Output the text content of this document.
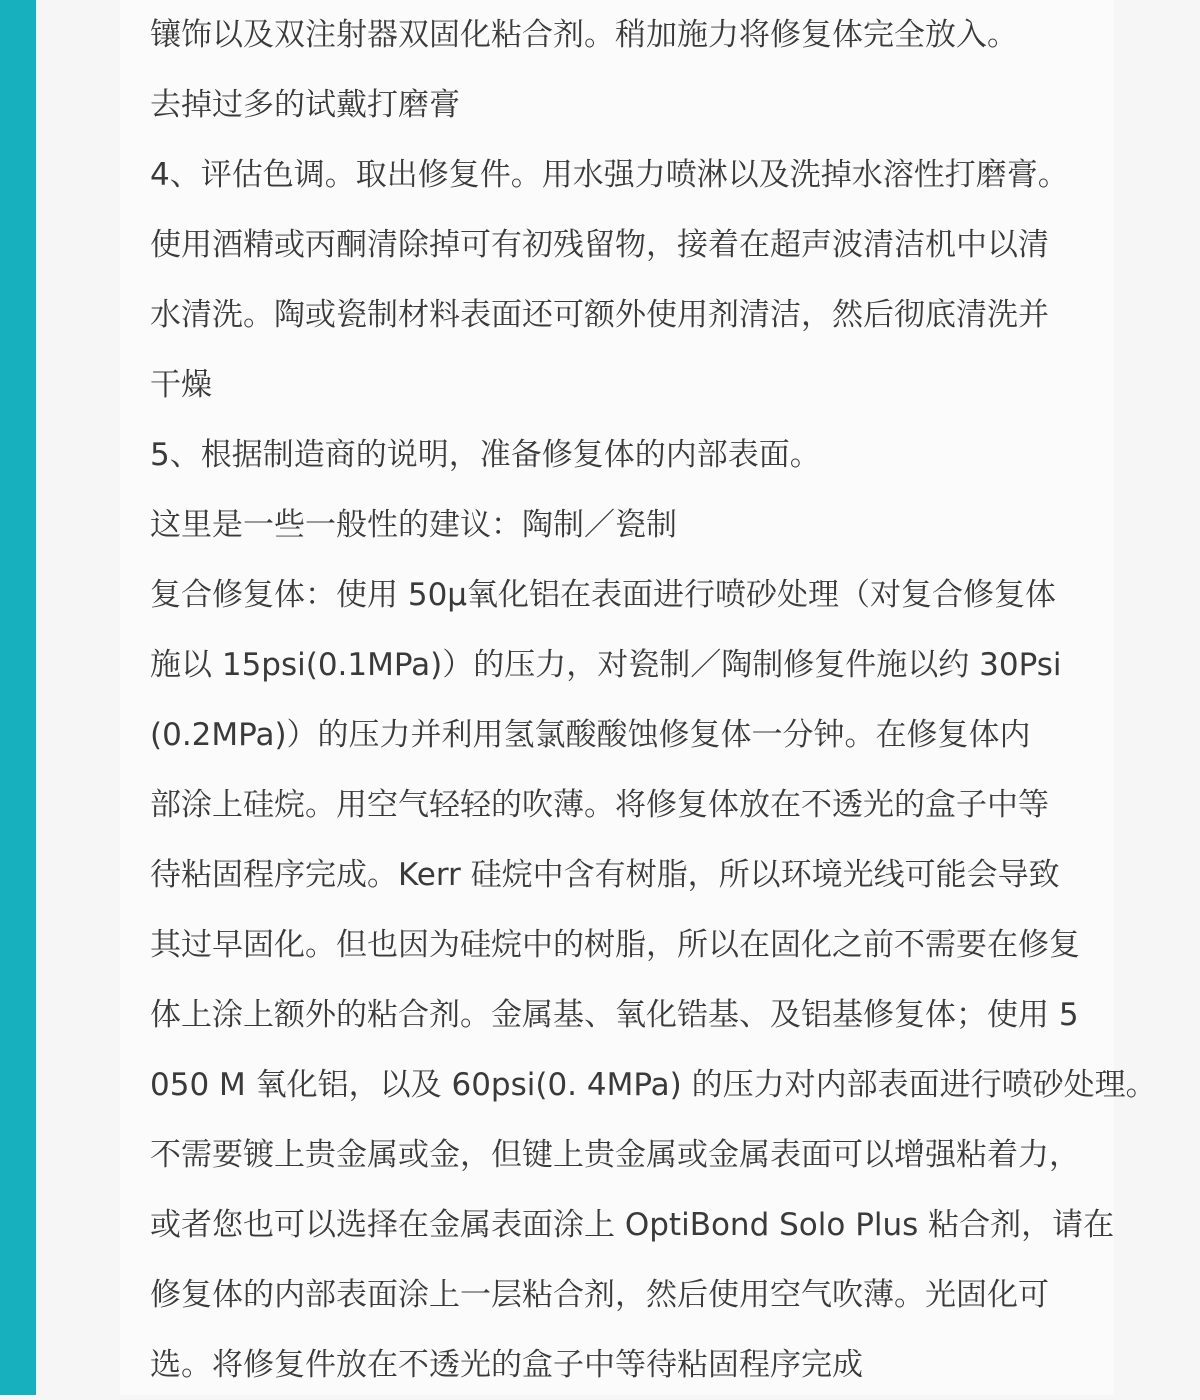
镶饰以及双注射器双固化粘合剂。稍加施力将修复体完全放入。
去掉过多的试戴打磨膏
4、评估色调。取出修复件。用水强力喷淋以及洗掉水溶性打磨膏。
使用酒精或丙酮清除掉可有初残留物，接着在超声波清洁机中以清
水清洗。陶或瓷制材料表面还可额外使用剂清洁，然后彻底清洗并
干燥
5、根据制造商的说明，准备修复体的内部表面。
这里是一些一般性的建议：陶制／瓷制
复合修复体：使用 50μ氧化铝在表面进行喷砂处理（对复合修复体
施以 15psi(0.1MPa)）的压力，对瓷制／陶制修复件施以约 30Psi
(0.2MPa)）的压力并利用氢氯酸酸蚀修复体一分钟。在修复体内
部涂上硅烷。用空气轻轻的吹薄。将修复体放在不透光的盒子中等
待粘固程序完成。Kerr 硅烷中含有树脂，所以环境光线可能会导致
其过早固化。但也因为硅烷中的树脂，所以在固化之前不需要在修复
体上涂上额外的粘合剂。金属基、氧化锆基、及铝基修复体；使用 5
050 M 氧化铝，以及 60psi(0. 4MPa) 的压力对内部表面进行喷砂处理。
不需要镀上贵金属或金，但键上贵金属或金属表面可以增强粘着力，
或者您也可以选择在金属表面涂上 OptiBond Solo Plus 粘合剂，请在
修复体的内部表面涂上一层粘合剂，然后使用空气吹薄。光固化可
选。将修复件放在不透光的盒子中等待粘固程序完成
